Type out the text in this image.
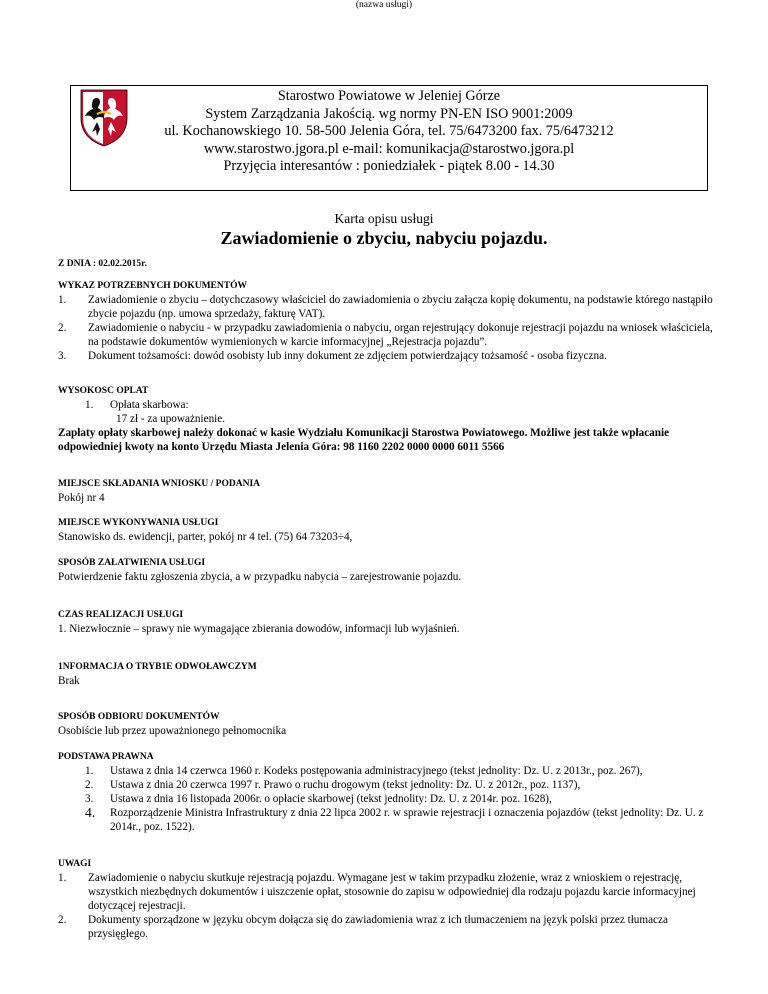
Starostwo Powiatowe w Jeleniej Górze
System Zarządzania Jakością. wg normy PN-EN ISO 9001:2009
ul. Kochanowskiego 10. 58-500 Jelenia Góra, tel. 75/6473200 fax. 75/6473212
www.starostwo.jgora.pl e-mail: komunikacja@starostwo.jgora.pl
Przyjęcia interesantów : poniedziałek - piątek 8.00 - 14.30
Karta opisu usługi
Zawiadomienie o zbyciu, nabyciu pojazdu.
(nazwa usługi)
Z DNIA : 02.02.2015r.
WYKAZ POTRZEBNYCH DOKUMENTÓW
1. Zawiadomienie o zbyciu – dotychczasowy właściciel do zawiadomienia o zbyciu załącza kopię dokumentu, na podstawie którego nastąpiło zbycie pojazdu (np. umowa sprzedaży, fakturę VAT).
2. Zawiadomienie o nabyciu - w przypadku zawiadomienia o nabyciu, organ rejestrujący dokonuje rejestracji pojazdu na wniosek właściciela, na podstawie dokumentów wymienionych w karcie informacyjnej „Rejestracja pojazdu”.
3. Dokument tożsamości: dowód osobisty lub inny dokument ze zdjęciem potwierdzający tożsamość - osoba fizyczna.
WYSOKOSC OPLAT
1. Opłata skarbowa:
17 zł - za upoważnienie.

Zapłaty opłaty skarbowej należy dokonać w kasie Wydziału Komunikacji Starostwa Powiatowego. Możliwe jest także wpłacanie odpowiedniej kwoty na konto Urzędu Miasta Jelenia Góra: 98 1160 2202 0000 0000 6011 5566

MIEJSCE SKŁADANIA WNIOSKU / PODANIA

Pokój nr 4

MIEJSCE WYKONYWANIA USŁUGI

Stanowisko ds. ewidencji, parter, pokój nr 4 tel. (75) 64 73203÷4,

SPOSÓB ZAŁATWIENIA USŁUGI

Potwierdzenie faktu zgłoszenia zbycia, a w przypadku nabycia – zarejestrowanie pojazdu.

CZAS REALIZACJI USŁUGI

1. Niezwłocznie – sprawy nie wymagające zbierania dowodów, informacji lub wyjaśnień.

1NFORMACJA O TRYB1E ODWOŁAWCZYM

Brak

SPOSÓB ODBIORU DOKUMENTÓW

Osobiście lub przez upoważnionego pełnomocnika

PODSTAWA PRAWNA
1. Ustawa z dnia 14 czerwca 1960 r. Kodeks postępowania administracyjnego (tekst jednolity: Dz. U. z 2013r., poz. 267),
2. Ustawa z dnia 20 czerwca 1997 r. Prawo o ruchu drogowym (tekst jednolity: Dz. U. z 2012r., poz. 1137),
3. Ustawa z dnia 16 listopada 2006r. o opłacie skarbowej (tekst jednolity: Dz. U. z 2014r. poz. 1628),
4. Rozporządzenie Ministra Infrastruktury z dnia 22 lipca 2002 r. w sprawie rejestracji i oznaczenia pojazdów (tekst jednolity: Dz. U. z 2014r., poz. 1522).
UWAGI
1. Zawiadomienie o nabyciu skutkuje rejestracją pojazdu. Wymagane jest w takim przypadku złożenie, wraz z wnioskiem o rejestrację, wszystkich niezbędnych dokumentów i uiszczenie opłat, stosownie do zapisu w odpowiedniej dla rodzaju pojazdu karcie informacyjnej dotyczącej rejestracji.
2. Dokumenty sporządzone w języku obcym dołącza się do zawiadomienia wraz z ich tłumaczeniem na język polski przez tłumacza przysięgłego.
